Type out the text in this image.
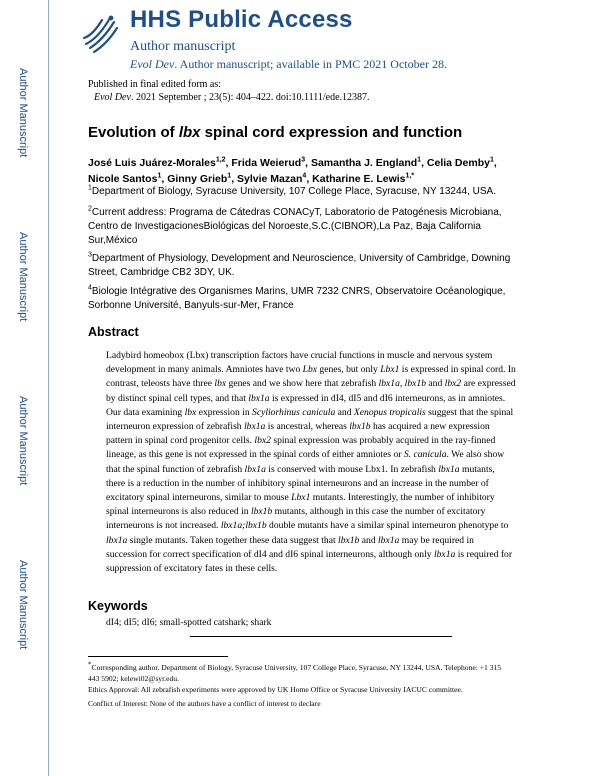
Author Manuscript
Author Manuscript
Author Manuscript
Author Manuscript
HHS Public Access
Author manuscript
Evol Dev. Author manuscript; available in PMC 2021 October 28.
Published in final edited form as:
Evol Dev. 2021 September ; 23(5): 404–422. doi:10.1111/ede.12387.
Evolution of lbx spinal cord expression and function
José Luis Juárez-Morales$^{1,2}$, Frida Weierud$^3$, Samantha J. England$^1$, Celia Demby$^1$, Nicole Santos$^1$, Ginny Grieb$^1$, Sylvie Mazan$^4$, Katharine E. Lewis$^{1,*}$
$^1$Department of Biology, Syracuse University, 107 College Place, Syracuse, NY 13244, USA.
$^2$Current address: Programa de Cátedras CONACyT, Laboratorio de Patogénesis Microbiana, Centro de InvestigacionesBiológicas del Noroeste,S.C.(CIBNOR),La Paz, Baja California Sur,México
$^3$Department of Physiology, Development and Neuroscience, University of Cambridge, Downing Street, Cambridge CB2 3DY, UK.
$^4$Biologie Intégrative des Organismes Marins, UMR 7232 CNRS, Observatoire Océanologique, Sorbonne Université, Banyuls-sur-Mer, France
Abstract
Ladybird homeobox (Lbx) transcription factors have crucial functions in muscle and nervous system development in many animals. Amniotes have two Lbx genes, but only Lbx1 is expressed in spinal cord. In contrast, teleosts have three lbx genes and we show here that zebrafish lbx1a, lbx1b and lbx2 are expressed by distinct spinal cell types, and that lbx1a is expressed in dI4, dI5 and dI6 interneurons, as in amniotes. Our data examining lbx expression in Scyliorhinus canicula and Xenopus tropicalis suggest that the spinal interneuron expression of zebrafish lbx1a is ancestral, whereas lbx1b has acquired a new expression pattern in spinal cord progenitor cells. lbx2 spinal expression was probably acquired in the ray-finned lineage, as this gene is not expressed in the spinal cords of either amniotes or S. canicula. We also show that the spinal function of zebrafish lbx1a is conserved with mouse Lbx1. In zebrafish lbx1a mutants, there is a reduction in the number of inhibitory spinal interneurons and an increase in the number of excitatory spinal interneurons, similar to mouse Lbx1 mutants. Interestingly, the number of inhibitory spinal interneurons is also reduced in lbx1b mutants, although in this case the number of excitatory interneurons is not increased. lbx1a;lbx1b double mutants have a similar spinal interneuron phenotype to lbx1a single mutants. Taken together these data suggest that lbx1b and lbx1a may be required in succession for correct specification of dI4 and dI6 spinal interneurons, although only lbx1a is required for suppression of excitatory fates in these cells.
Keywords
dI4; dI5; dI6; small-spotted catshark; shark
*Corresponding author. Department of Biology, Syracuse University, 107 College Place, Syracuse, NY 13244, USA. Telephone: +1 315 443 5902; kelewi02@syr.edu.
Ethics Approval: All zebrafish experiments were approved by UK Home Office or Syracuse University IACUC committee.
Conflict of Interest: None of the authors have a conflict of interest to declare
